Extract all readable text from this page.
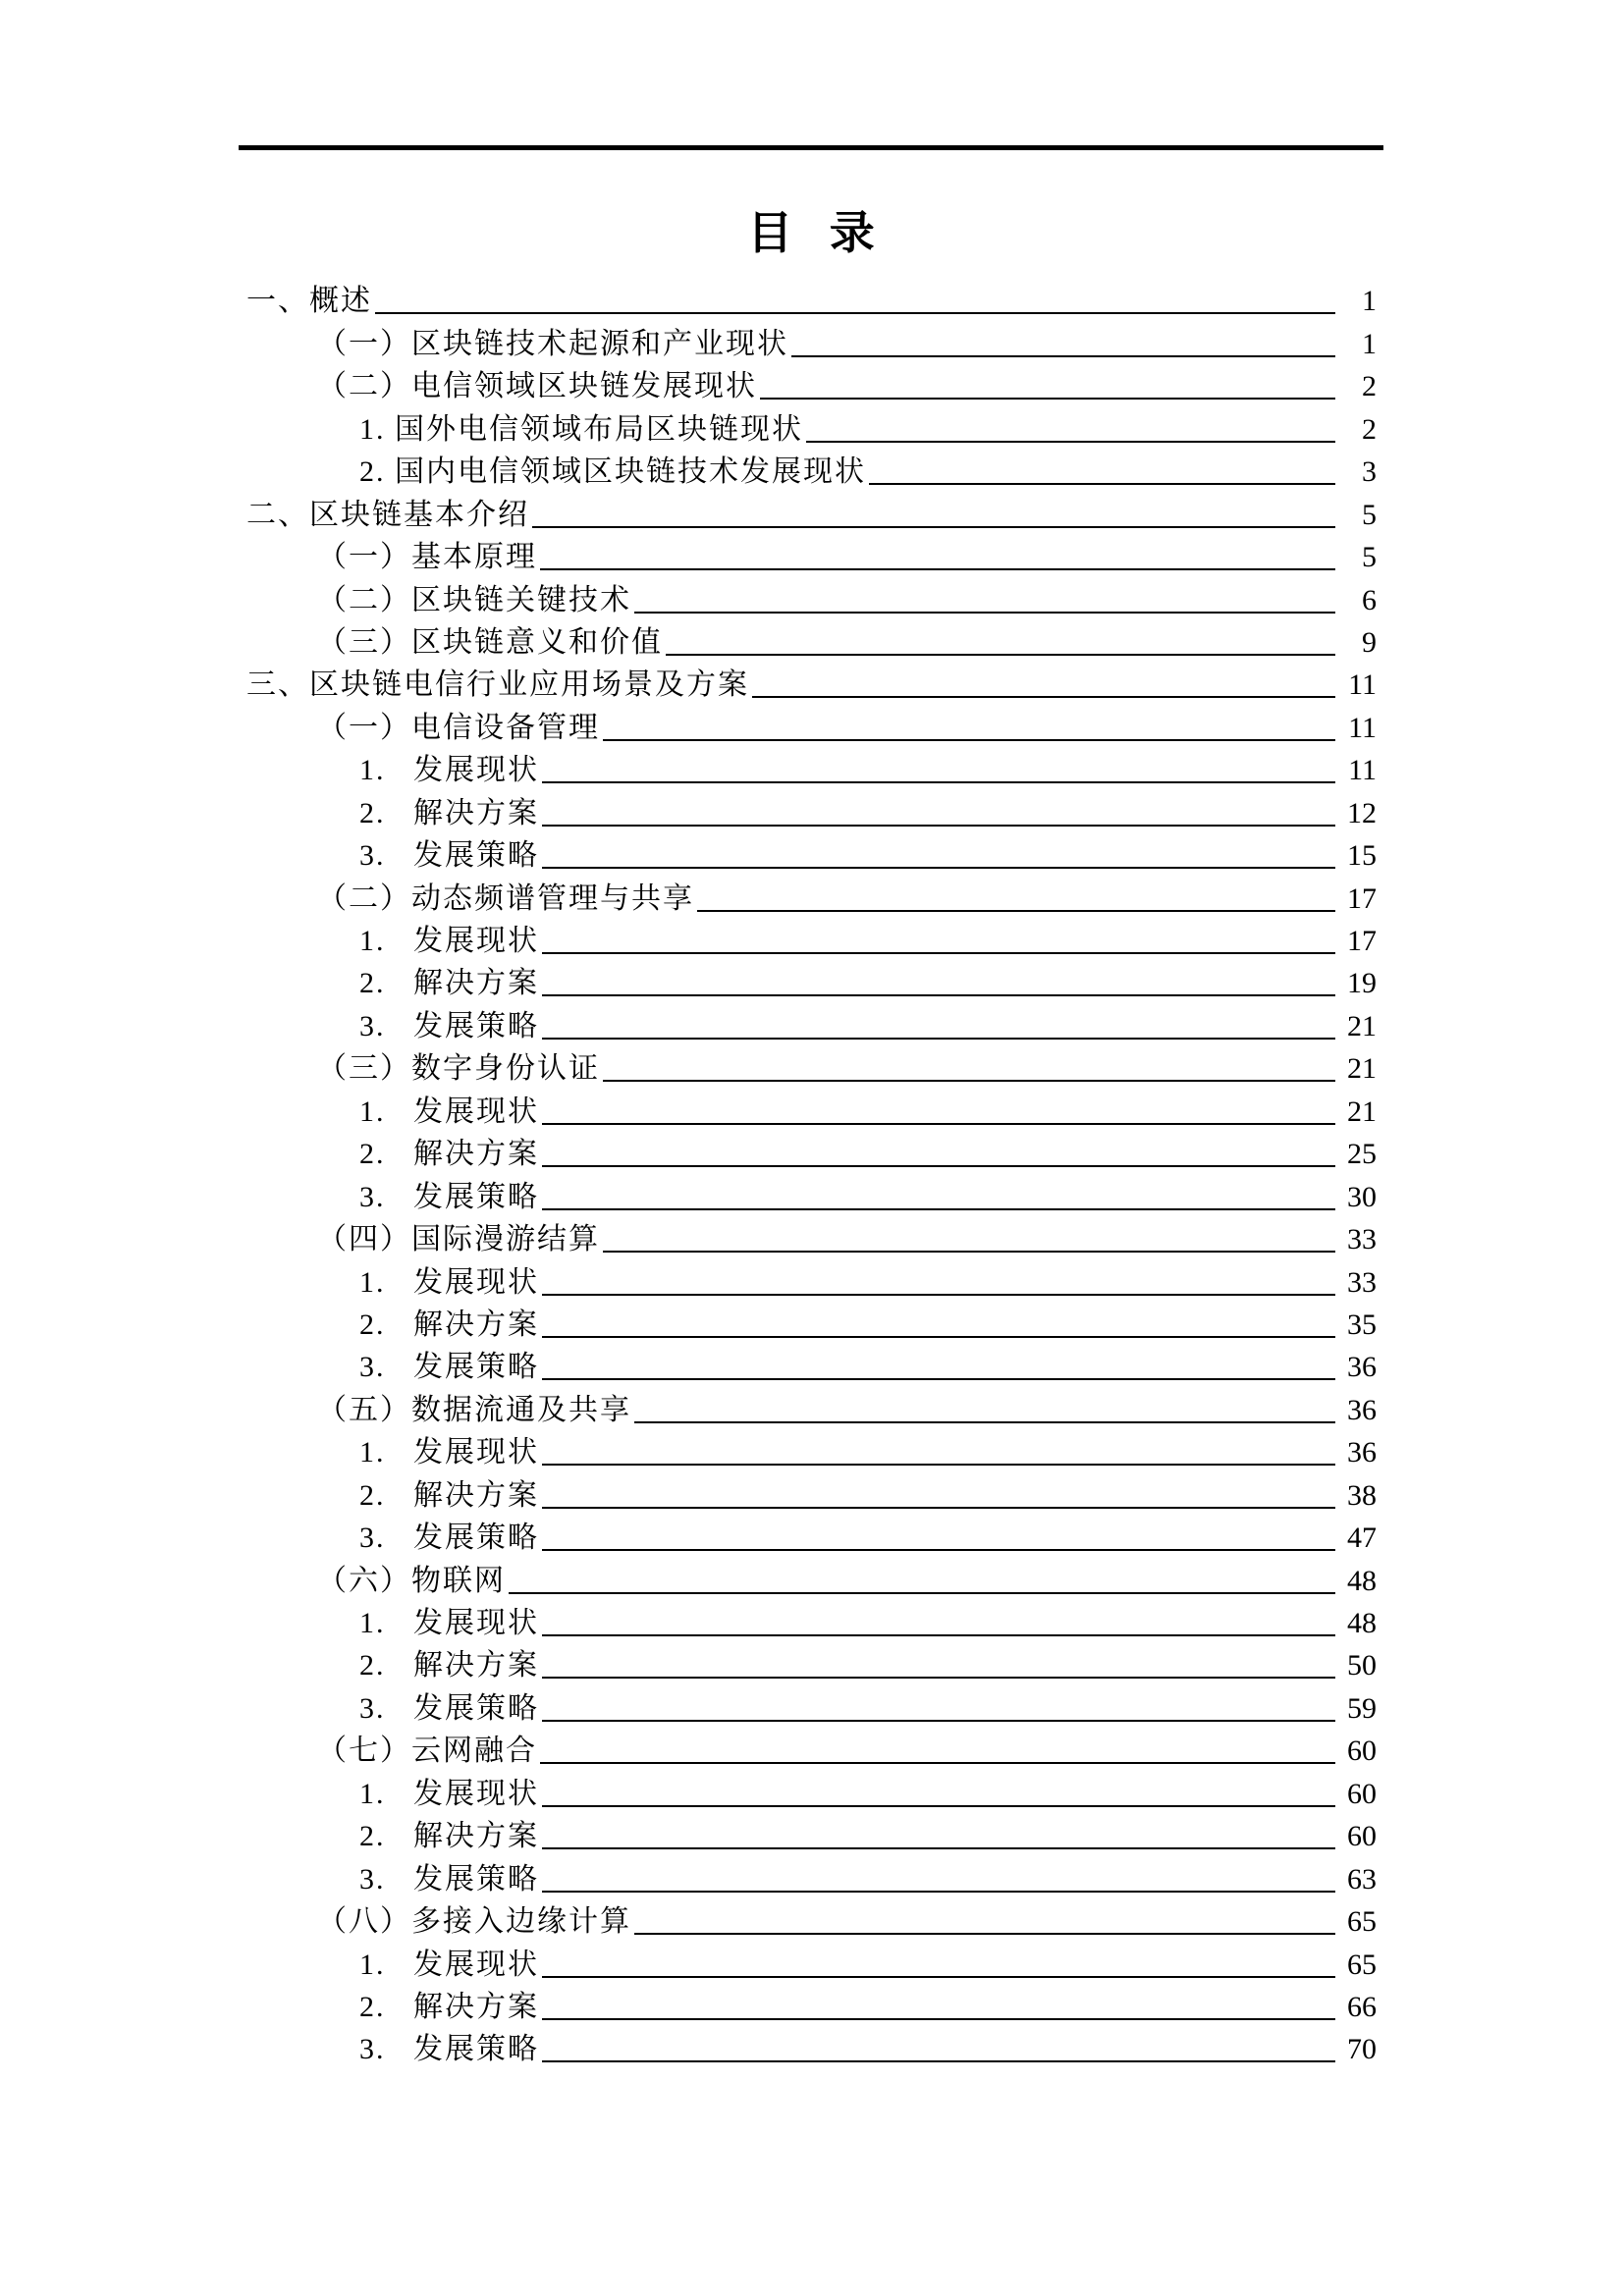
目 录
一、概述	1
（一）区块链技术起源和产业现状	1
（二）电信领域区块链发展现状	2
1. 国外电信领域布局区块链现状	2
2. 国内电信领域区块链技术发展现状	3
二、区块链基本介绍	5
（一）基本原理	5
（二）区块链关键技术	6
（三）区块链意义和价值	9
三、区块链电信行业应用场景及方案	11
（一）电信设备管理	11
1.   发展现状	11
2.   解决方案	12
3.   发展策略	15
（二）动态频谱管理与共享	17
1.   发展现状	17
2.   解决方案	19
3.   发展策略	21
（三）数字身份认证	21
1.   发展现状	21
2.   解决方案	25
3.   发展策略	30
（四）国际漫游结算	33
1.   发展现状	33
2.   解决方案	35
3.   发展策略	36
（五）数据流通及共享	36
1.   发展现状	36
2.   解决方案	38
3.   发展策略	47
（六）物联网	48
1.   发展现状	48
2.   解决方案	50
3.   发展策略	59
（七）云网融合	60
1.   发展现状	60
2.   解决方案	60
3.   发展策略	63
（八）多接入边缘计算	65
1.   发展现状	65
2.   解决方案	66
3.   发展策略	70
